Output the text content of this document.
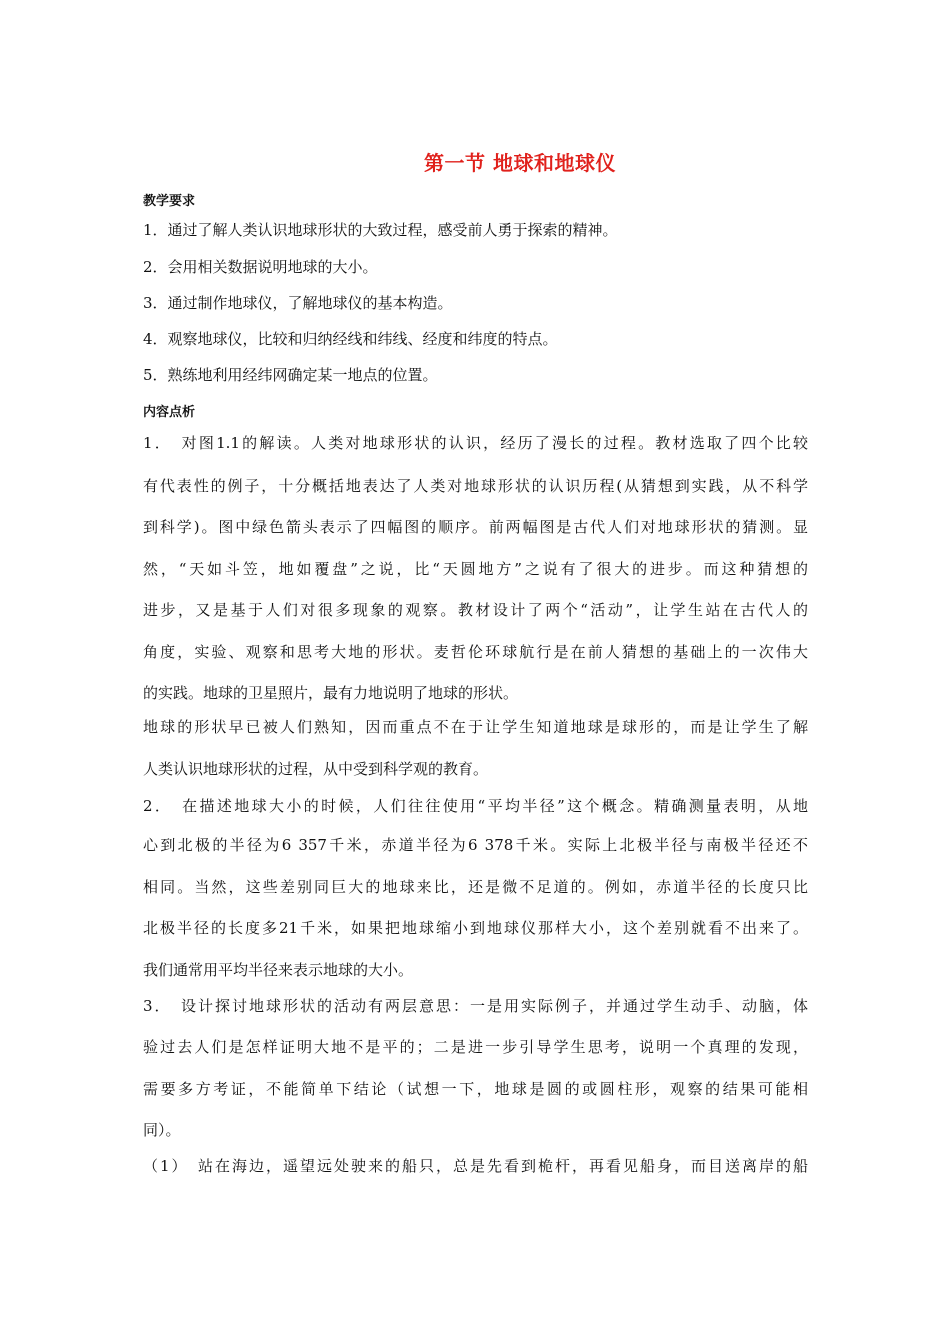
第一节 地球和地球仪
教学要求
1．通过了解人类认识地球形状的大致过程，感受前人勇于探索的精神。
2．会用相关数据说明地球的大小。
3．通过制作地球仪，了解地球仪的基本构造。
4．观察地球仪，比较和归纳经线和纬线、经度和纬度的特点。
5．熟练地利用经纬网确定某一地点的位置。
内容点析
1．　对图1.1的解读。人类对地球形状的认识，经历了漫长的过程。教材选取了四个比较
有代表性的例子，十分概括地表达了人类对地球形状的认识历程(从猜想到实践，从不科学
到科学)。图中绿色箭头表示了四幅图的顺序。前两幅图是古代人们对地球形状的猜测。显
然，“天如斗笠，地如覆盘”之说，比“天圆地方”之说有了很大的进步。而这种猜想的
进步，又是基于人们对很多现象的观察。教材设计了两个“活动”，让学生站在古代人的
角度，实验、观察和思考大地的形状。麦哲伦环球航行是在前人猜想的基础上的一次伟大
的实践。地球的卫星照片，最有力地说明了地球的形状。
地球的形状早已被人们熟知，因而重点不在于让学生知道地球是球形的，而是让学生了解
人类认识地球形状的过程，从中受到科学观的教育。
2．　在描述地球大小的时候，人们往往使用“平均半径”这个概念。精确测量表明，从地
心到北极的半径为6 357千米，赤道半径为6 378千米。实际上北极半径与南极半径还不
相同。当然，这些差别同巨大的地球来比，还是微不足道的。例如，赤道半径的长度只比
北极半径的长度多21千米，如果把地球缩小到地球仪那样大小，这个差别就看不出来了。
我们通常用平均半径来表示地球的大小。
3．　设计探讨地球形状的活动有两层意思：一是用实际例子，并通过学生动手、动脑，体
验过去人们是怎样证明大地不是平的；二是进一步引导学生思考，说明一个真理的发现，
需要多方考证，不能简单下结论（试想一下，地球是圆的或圆柱形，观察的结果可能相
同）。
（1）　站在海边，遥望远处驶来的船只，总是先看到桅杆，再看见船身，而目送离岸的船
